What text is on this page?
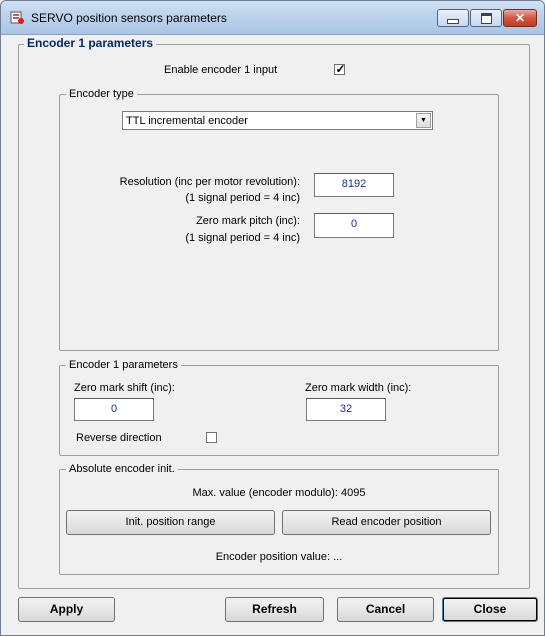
SERVO position sensors parameters	✕
Encoder 1 parameters
Enable encoder 1 input	✓
Encoder type
TTL incremental encoder	▼
Resolution (inc per motor revolution):
(1 signal period = 4 inc)
8192
Zero mark pitch (inc):
(1 signal period = 4 inc)
0
Encoder 1 parameters
Zero mark shift (inc):
0
Zero mark width (inc):
32
Reverse direction
Absolute encoder init.
Max. value (encoder modulo): 4095
Init. position range	Read encoder position
Encoder position value: ...
Apply	Refresh	Cancel	Close
